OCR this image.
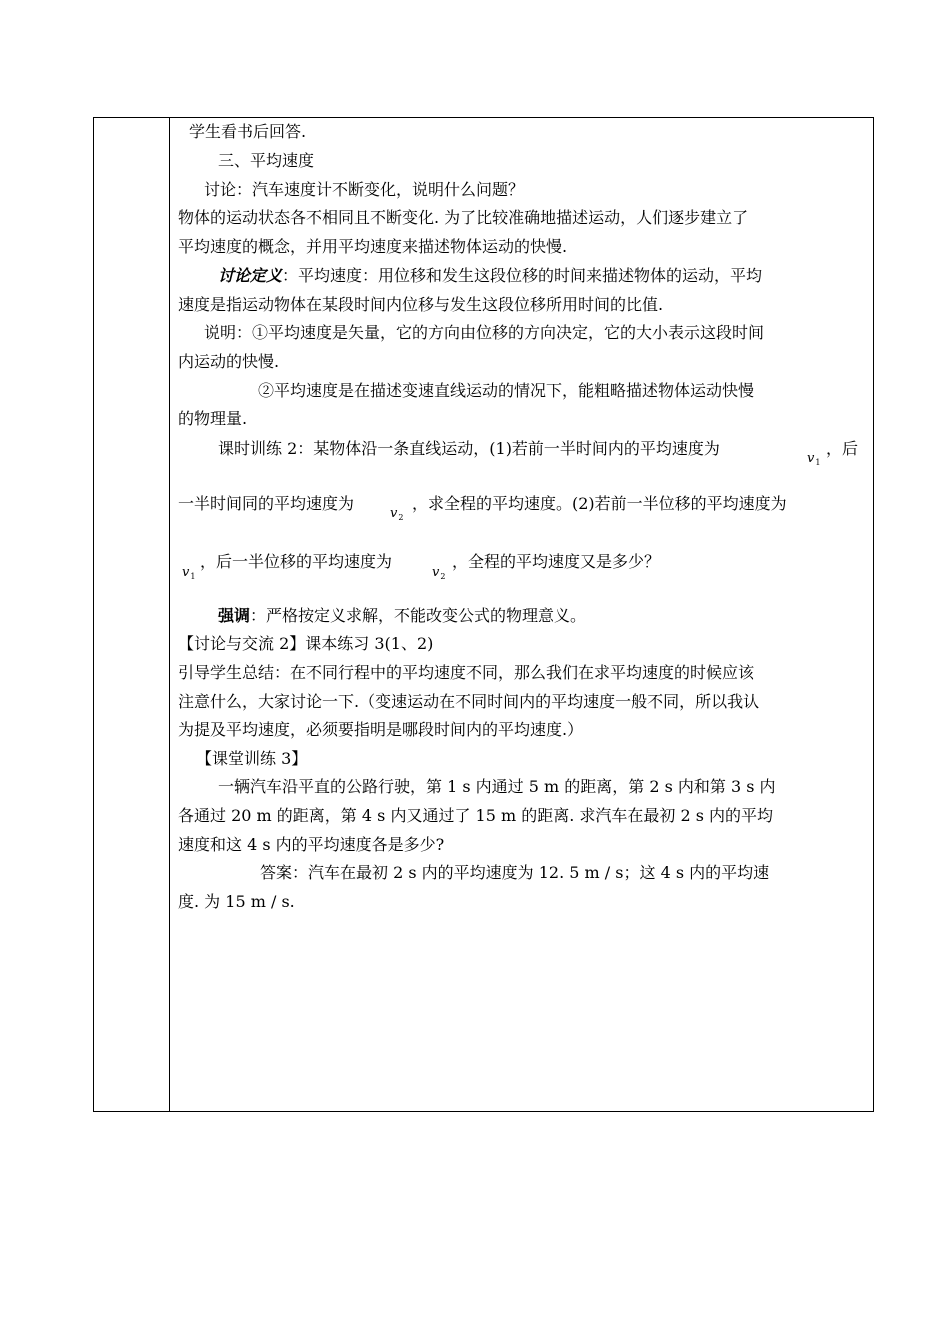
学生看书后回答.
三、平均速度
讨论：汽车速度计不断变化，说明什么问题？
物体的运动状态各不相同且不断变化. 为了比较准确地描述运动，人们逐步建立了
平均速度的概念，并用平均速度来描述物体运动的快慢.
讨论定义：平均速度：用位移和发生这段位移的时间来描述物体的运动，平均
速度是指运动物体在某段时间内位移与发生这段位移所用时间的比值.
说明：①平均速度是矢量，它的方向由位移的方向决定，它的大小表示这段时间
内运动的快慢.
②平均速度是在描述变速直线运动的情况下，能粗略描述物体运动快慢
的物理量.
课时训练 2：某物体沿一条直线运动，(1)若前一半时间内的平均速度为
$v_1$
，后
一半时间同的平均速度为
$v_2$
，求全程的平均速度。(2)若前一半位移的平均速度为
$v_1$
，后一半位移的平均速度为
$v_2$
，全程的平均速度又是多少？
强调：严格按定义求解，不能改变公式的物理意义。
【讨论与交流 2】课本练习 3(1、2)
引导学生总结：在不同行程中的平均速度不同，那么我们在求平均速度的时候应该
注意什么，大家讨论一下.（变速运动在不同时间内的平均速度一般不同，所以我认
为提及平均速度，必须要指明是哪段时间内的平均速度.）
【课堂训练 3】
一辆汽车沿平直的公路行驶，第 1 s 内通过 5 m 的距离，第 2 s 内和第 3 s 内
各通过 20 m 的距离，第 4 s 内又通过了 15 m 的距离. 求汽车在最初 2 s 内的平均
速度和这 4 s 内的平均速度各是多少?
答案：汽车在最初 2 s 内的平均速度为 12. 5 m / s；这 4 s 内的平均速
度. 为 15 m / s.
